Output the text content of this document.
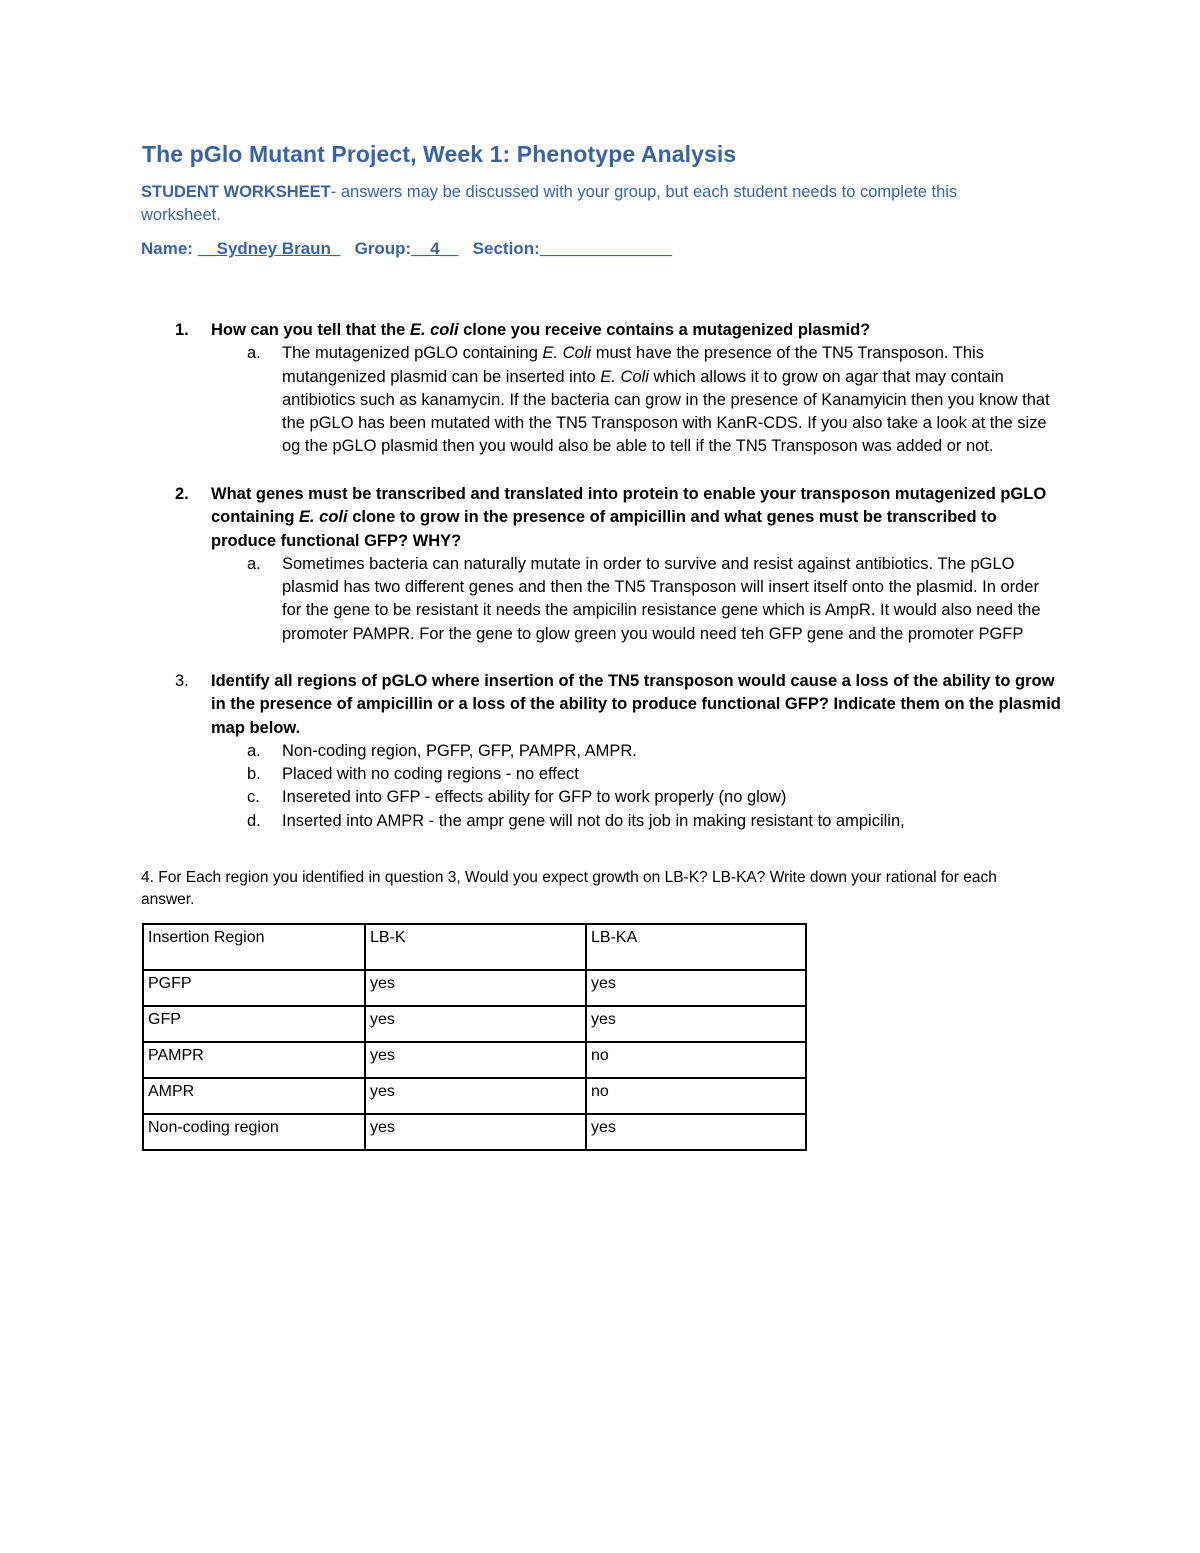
The pGlo Mutant Project, Week 1: Phenotype Analysis
STUDENT WORKSHEET- answers may be discussed with your group, but each student needs to complete this worksheet.
Name: __Sydney Braun_ Group:__4__ Section:______________
1.	How can you tell that the E. coli clone you receive contains a mutagenized plasmid?
a. The mutagenized pGLO containing E. Coli must have the presence of the TN5 Transposon. This mutangenized plasmid can be inserted into E. Coli which allows it to grow on agar that may contain antibiotics such as kanamycin. If the bacteria can grow in the presence of Kanamyicin then you know that the pGLO has been mutated with the TN5 Transposon with KanR-CDS. If you also take a look at the size og the pGLO plasmid then you would also be able to tell if the TN5 Transposon was added or not.
2.	What genes must be transcribed and translated into protein to enable your transposon mutagenized pGLO containing E. coli clone to grow in the presence of ampicillin and what genes must be transcribed to produce functional GFP? WHY?
a. Sometimes bacteria can naturally mutate in order to survive and resist against antibiotics. The pGLO plasmid has two different genes and then the TN5 Transposon will insert itself onto the plasmid. In order for the gene to be resistant it needs the ampicilin resistance gene which is AmpR. It would also need the promoter PAMPR. For the gene to glow green you would need teh GFP gene and the promoter PGFP
3.	Identify all regions of pGLO where insertion of the TN5 transposon would cause a loss of the ability to grow in the presence of ampicillin or a loss of the ability to produce functional GFP? Indicate them on the plasmid map below.
a. Non-coding region, PGFP, GFP, PAMPR, AMPR.
b. Placed with no coding regions - no effect
c. Insereted into GFP - effects ability for GFP to work properly (no glow)
d. Inserted into AMPR - the ampr gene will not do its job in making resistant to ampicilin,
4. For Each region you identified in question 3, Would you expect growth on LB-K? LB-KA? Write down your rational for each answer.
Insertion Region	LB-K	LB-KA
PGFP	yes	yes
GFP	yes	yes
PAMPR	yes	no
AMPR	yes	no
Non-coding region	yes	yes
